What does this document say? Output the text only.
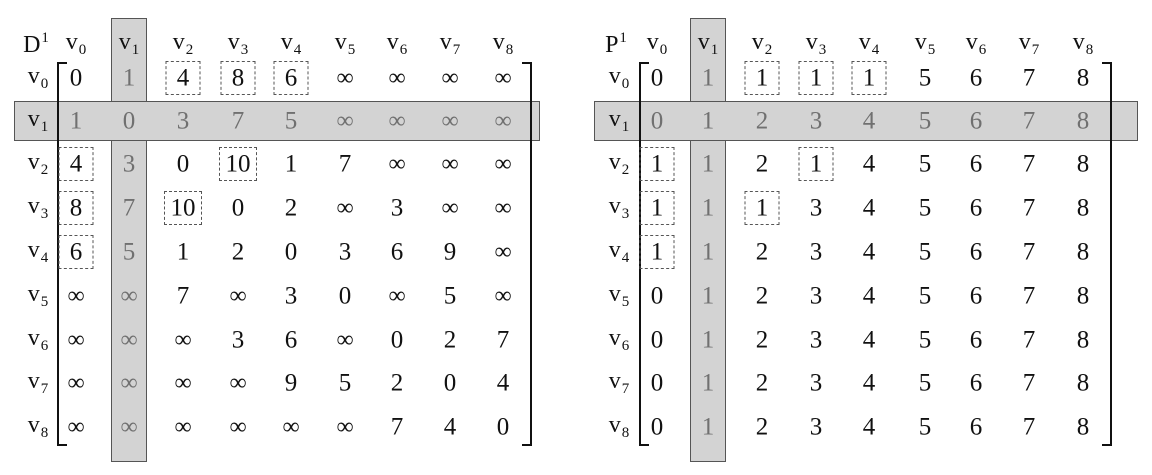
$D^1$ $v_0$ $v_1$ $v_2$ $v_3$ $v_4$ $v_5$ $v_6$ $v_7$ $v_8$
$v_0$
$v_1$
$v_2$
$v_3$
$v_4$
$v_5$
$v_6$
$v_7$
$v_8$
0 1 4 8 6 ∞ ∞ ∞ ∞
1 0 3 7 5 ∞ ∞ ∞ ∞
4 3 0 10 1 7 ∞ ∞ ∞
8 7 10 0 2 ∞ 3 ∞ ∞
6 5 1 2 0 3 6 9 ∞
∞ ∞ 7 ∞ 3 0 ∞ 5 ∞
∞ ∞ ∞ 3 6 ∞ 0 2 7
∞ ∞ ∞ ∞ 9 5 2 0 4
∞ ∞ ∞ ∞ ∞ ∞ 7 4 0
$P^1$ $v_0$ $v_1$ $v_2$ $v_3$ $v_4$ $v_5$ $v_6$ $v_7$ $v_8$
$v_0$
$v_1$
$v_2$
$v_3$
$v_4$
$v_5$
$v_6$
$v_7$
$v_8$
0 1 1 1 1 5 6 7 8
0 1 2 3 4 5 6 7 8
1 1 2 1 4 5 6 7 8
1 1 1 3 4 5 6 7 8
1 1 2 3 4 5 6 7 8
0 1 2 3 4 5 6 7 8
0 1 2 3 4 5 6 7 8
0 1 2 3 4 5 6 7 8
0 1 2 3 4 5 6 7 8
